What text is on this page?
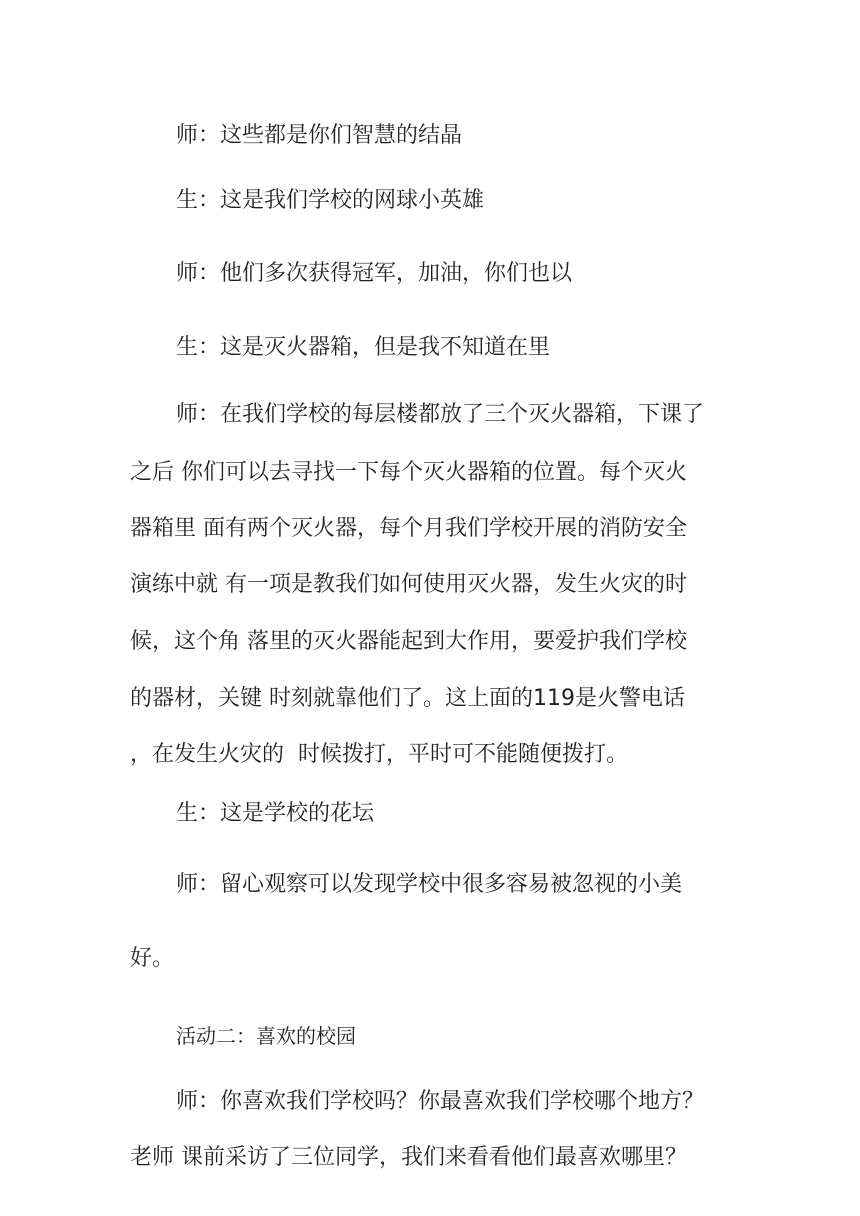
师：这些都是你们智慧的结晶
生：这是我们学校的网球小英雄
师：他们多次获得冠军，加油，你们也以
生：这是灭火器箱，但是我不知道在里
师：在我们学校的每层楼都放了三个灭火器箱，下课了
之后 你们可以去寻找一下每个灭火器箱的位置。每个灭火
器箱里 面有两个灭火器，每个月我们学校开展的消防安全
演练中就 有一项是教我们如何使用灭火器，发生火灾的时
候，这个角 落里的灭火器能起到大作用，要爱护我们学校
的器材，关键 时刻就靠他们了。这上面的119是火警电话
，在发生火灾的  时候拨打，平时可不能随便拨打。
生：这是学校的花坛
师：留心观察可以发现学校中很多容易被忽视的小美
好。
活动二：喜欢的校园
师：你喜欢我们学校吗？你最喜欢我们学校哪个地方？
老师 课前采访了三位同学，我们来看看他们最喜欢哪里？
